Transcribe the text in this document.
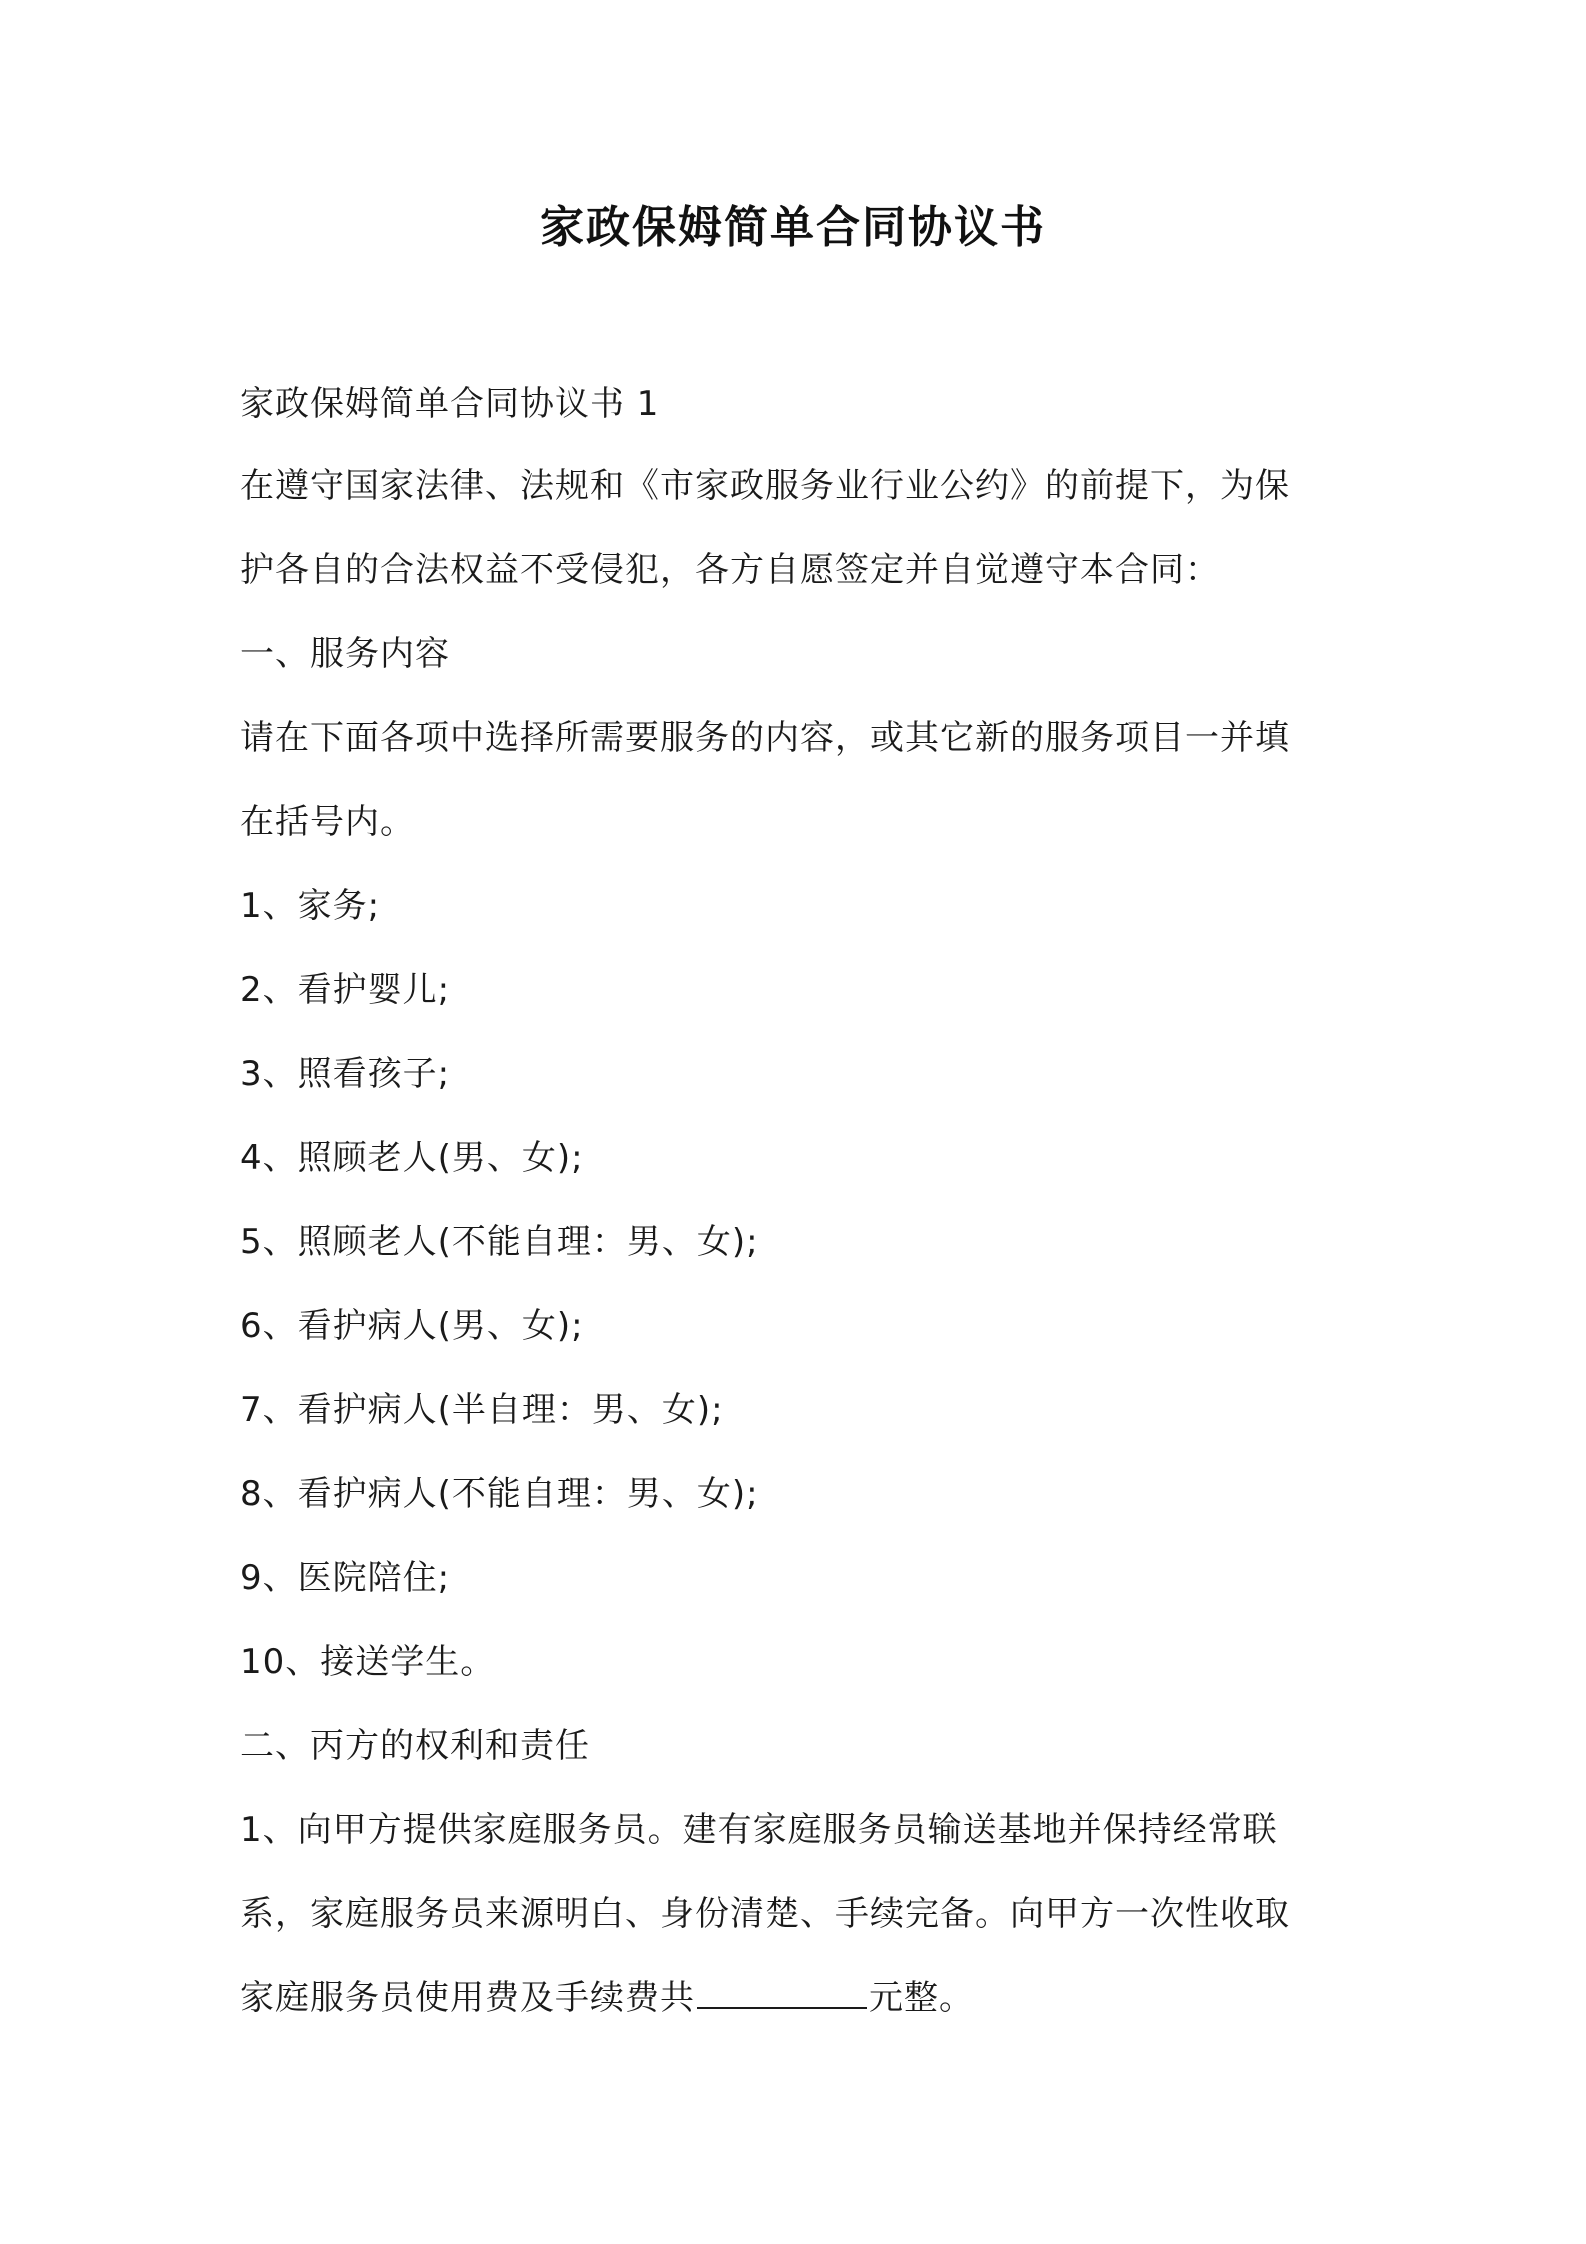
家政保姆简单合同协议书
家政保姆简单合同协议书 1
在遵守国家法律、法规和《市家政服务业行业公约》的前提下，为保
护各自的合法权益不受侵犯，各方自愿签定并自觉遵守本合同：
一、服务内容
请在下面各项中选择所需要服务的内容，或其它新的服务项目一并填
在括号内。
1、家务;
2、看护婴儿;
3、照看孩子;
4、照顾老人(男、女);
5、照顾老人(不能自理：男、女);
6、看护病人(男、女);
7、看护病人(半自理：男、女);
8、看护病人(不能自理：男、女);
9、医院陪住;
10、接送学生。
二、丙方的权利和责任
1、向甲方提供家庭服务员。建有家庭服务员输送基地并保持经常联
系，家庭服务员来源明白、身份清楚、手续完备。向甲方一次性收取
家庭服务员使用费及手续费共	元整。
